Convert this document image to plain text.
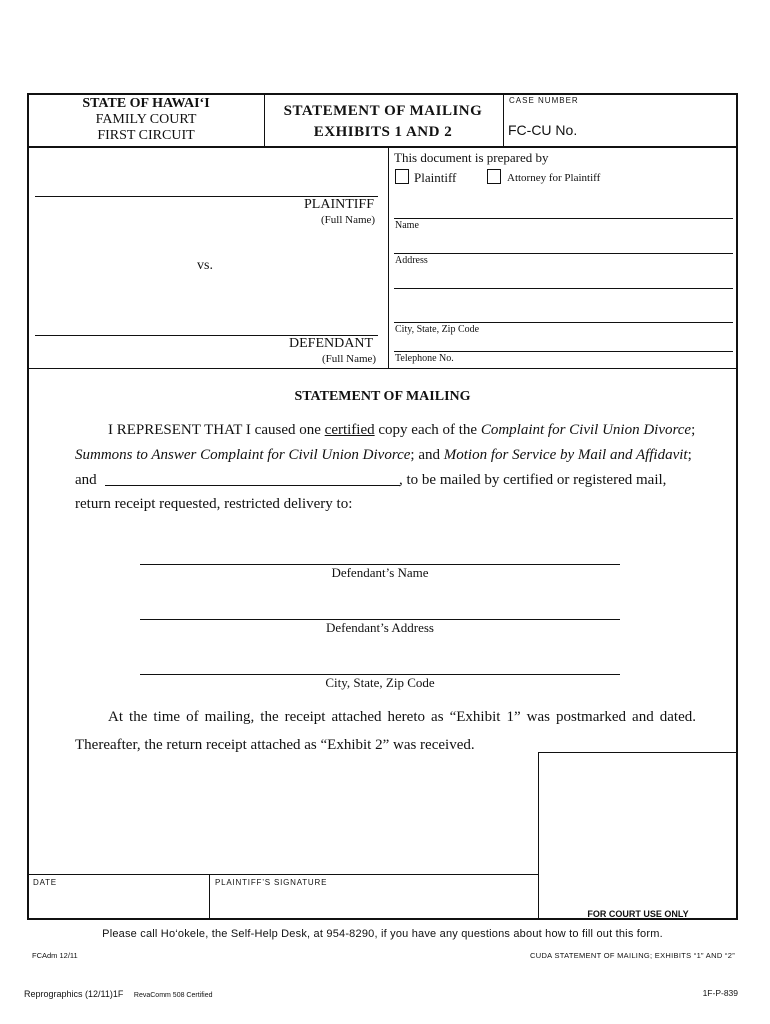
STATE OF HAWAI‘I
FAMILY COURT
FIRST CIRCUIT
STATEMENT OF MAILING
EXHIBITS 1 AND 2
CASE NUMBER
FC-CU No.
PLAINTIFF
(Full Name)
vs.
DEFENDANT
(Full Name)
This document is prepared by
Plaintiff	Attorney for Plaintiff
Name
Address
City, State, Zip Code
Telephone No.
STATEMENT OF MAILING
I REPRESENT THAT I caused one certified copy each of the Complaint for Civil Union Divorce;
Summons to Answer Complaint for Civil Union Divorce; and Motion for Service by Mail and Affidavit;
and	, to be mailed by certified or registered mail,
return receipt requested, restricted delivery to:
Defendant’s Name
Defendant’s Address
City, State, Zip Code
At the time of mailing, the receipt attached hereto as “Exhibit 1” was postmarked and dated.
Thereafter, the return receipt attached as “Exhibit 2” was received.
FOR COURT USE ONLY
DATE	PLAINTIFF’S SIGNATURE
Please call Ho‘okele, the Self-Help Desk, at 954-8290, if you have any questions about how to fill out this form.
FCAdm 12/11	CUDA STATEMENT OF MAILING; EXHIBITS “1” AND “2”
Reprographics (12/11)1F RevaComm 508 Certified	1F-P-839
